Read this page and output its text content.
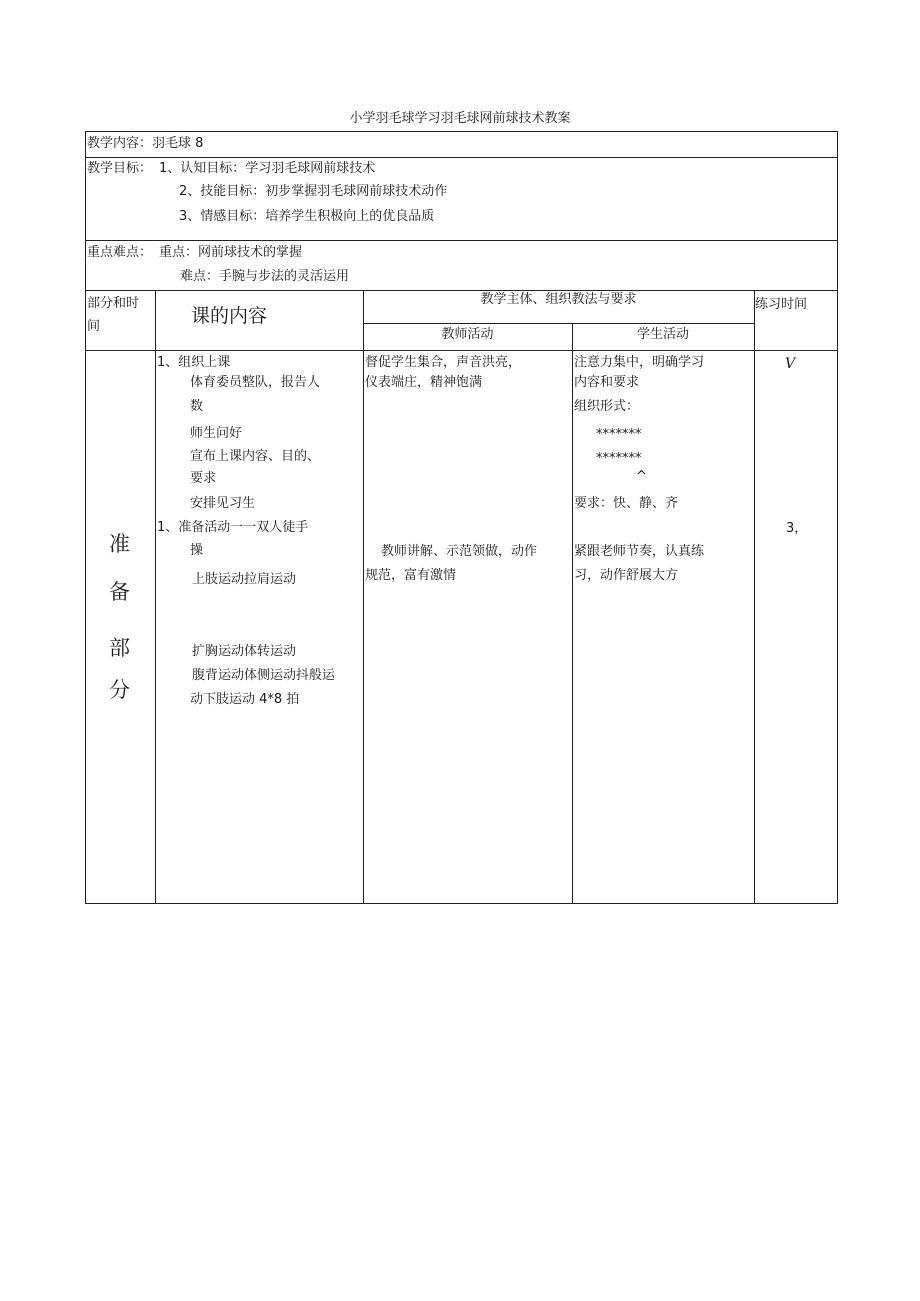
小学羽毛球学习羽毛球网前球技术教案
教学内容：羽毛球 8
教学目标： 1、认知目标：学习羽毛球网前球技术
2、技能目标：初步掌握羽毛球网前球技术动作
3、情感目标：培养学生积极向上的优良品质
重点难点： 重点：网前球技术的掌握
难点：手腕与步法的灵活运用
部分和时
间	课的内容
教学主体、组织教法与要求
教师活动	学生活动
练习时间
准
备
部
分
1、组织上课
体育委员整队，报告人
数
师生问好
宣布上课内容、目的、
要求
安排见习生
1、准备活动一一双人徒手
操
上肢运动拉肩运动
扩胸运动体转运动
腹背运动体侧运动抖般运
动下肢运动 4*8 拍
督促学生集合，声音洪亮，
仪表端庄，精神饱满
教师讲解、示范领做，动作
规范，富有激情
注意力集中，明确学习
内容和要求
组织形式：
*******
*******
^
要求：快、静、齐
紧跟老师节奏，认真练
习，动作舒展大方
V
3，
